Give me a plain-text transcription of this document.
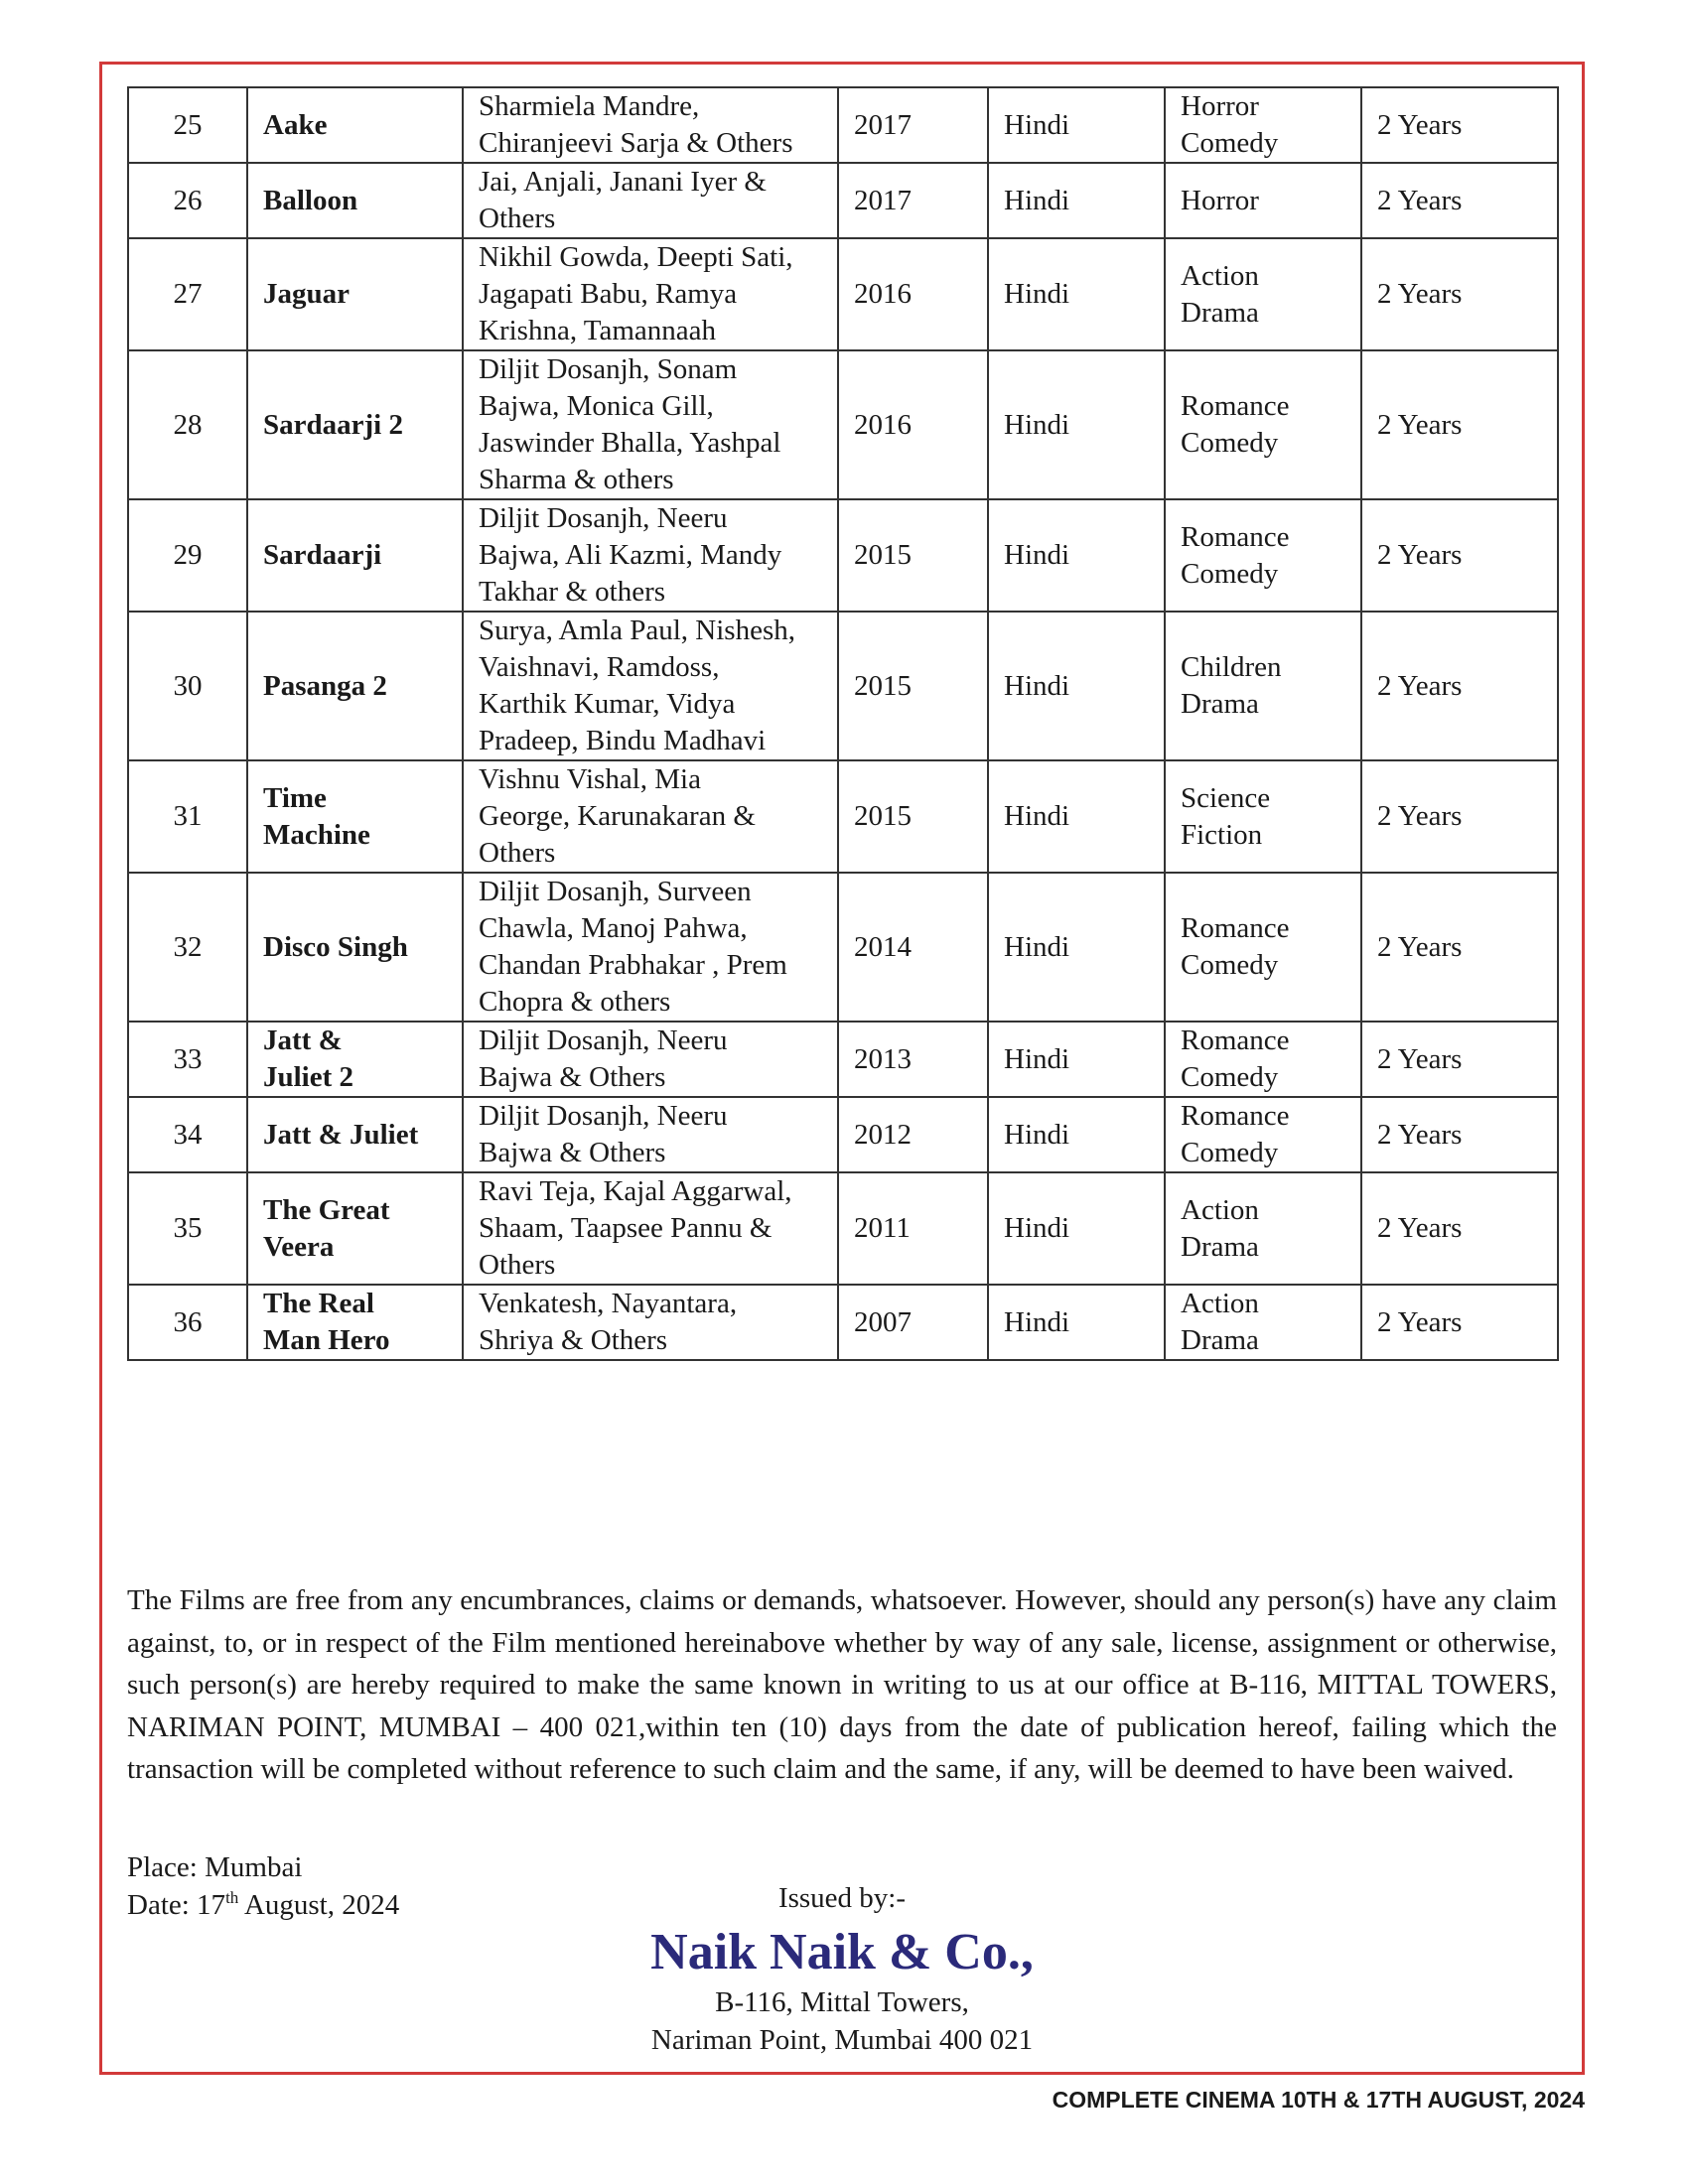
25	Aake	Sharmiela Mandre,
Chiranjeevi Sarja & Others	2017	Hindi	Horror
Comedy	2 Years
26	Balloon	Jai, Anjali, Janani Iyer &
Others	2017	Hindi	Horror	2 Years
27	Jaguar	Nikhil Gowda, Deepti Sati,
Jagapati Babu, Ramya
Krishna, Tamannaah	2016	Hindi	Action
Drama	2 Years
28	Sardaarji 2	Diljit Dosanjh, Sonam
Bajwa, Monica Gill,
Jaswinder Bhalla, Yashpal
Sharma & others	2016	Hindi	Romance
Comedy	2 Years
29	Sardaarji	Diljit Dosanjh, Neeru
Bajwa, Ali Kazmi, Mandy
Takhar & others	2015	Hindi	Romance
Comedy	2 Years
30	Pasanga 2	Surya, Amla Paul, Nishesh,
Vaishnavi, Ramdoss,
Karthik Kumar, Vidya
Pradeep, Bindu Madhavi	2015	Hindi	Children
Drama	2 Years
31	Time
Machine	Vishnu Vishal, Mia
George, Karunakaran &
Others	2015	Hindi	Science
Fiction	2 Years
32	Disco Singh	Diljit Dosanjh, Surveen
Chawla, Manoj Pahwa,
Chandan Prabhakar , Prem
Chopra & others	2014	Hindi	Romance
Comedy	2 Years
33	Jatt &
Juliet 2	Diljit Dosanjh, Neeru
Bajwa & Others	2013	Hindi	Romance
Comedy	2 Years
34	Jatt & Juliet	Diljit Dosanjh, Neeru
Bajwa & Others	2012	Hindi	Romance
Comedy	2 Years
35	The Great
Veera	Ravi Teja, Kajal Aggarwal,
Shaam, Taapsee Pannu &
Others	2011	Hindi	Action
Drama	2 Years
36	The Real
Man Hero	Venkatesh, Nayantara,
Shriya & Others	2007	Hindi	Action
Drama	2 Years

The Films are free from any encumbrances, claims or demands, whatsoever. However, should any person(s) have any claim against, to, or in respect of the Film mentioned hereinabove whether by way of any sale, license, assignment or otherwise, such person(s) are hereby required to make the same known in writing to us at our office at B-116, MITTAL TOWERS, NARIMAN POINT, MUMBAI – 400 021,within ten (10) days from the date of publication hereof, failing which the transaction will be completed without reference to such claim and the same, if any, will be deemed to have been waived.

Place: Mumbai
Date: 17th August, 2024	Issued by:-
Naik Naik & Co.,
B-116, Mittal Towers,
Nariman Point, Mumbai 400 021
COMPLETE CINEMA 10TH & 17TH AUGUST, 2024
